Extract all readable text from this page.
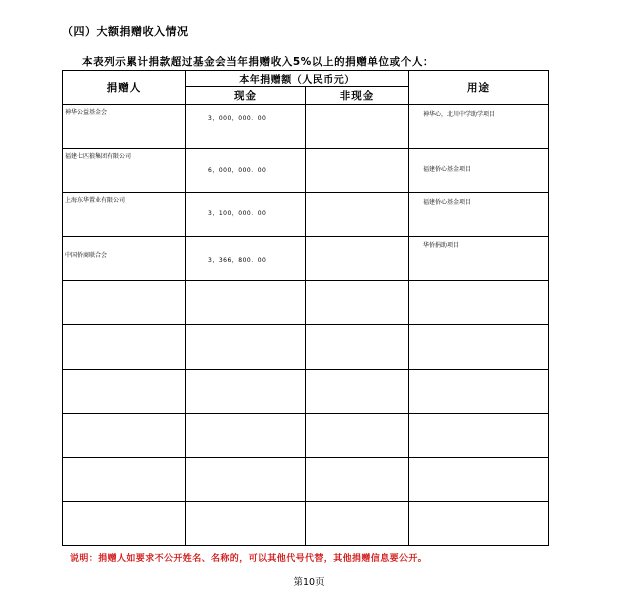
（四）大额捐赠收入情况
本表列示累计捐款超过基金会当年捐赠收入5%以上的捐赠单位或个人：
捐赠人	本年捐赠额（人民币元）		用途
	现金	非现金	

神华公益基金会	3，000，000．00		神华心，北川中学助学项目

福建七匹狼集团有限公司	6，000，000．00		福建侨心基金项目

上海东华置业有限公司	3，100，000．00		福建侨心基金项目

中国侨商联合会	3，366，800．00		华侨捐助项目

说明：捐赠人如要求不公开姓名、名称的，可以其他代号代替，其他捐赠信息要公开。
第10页
